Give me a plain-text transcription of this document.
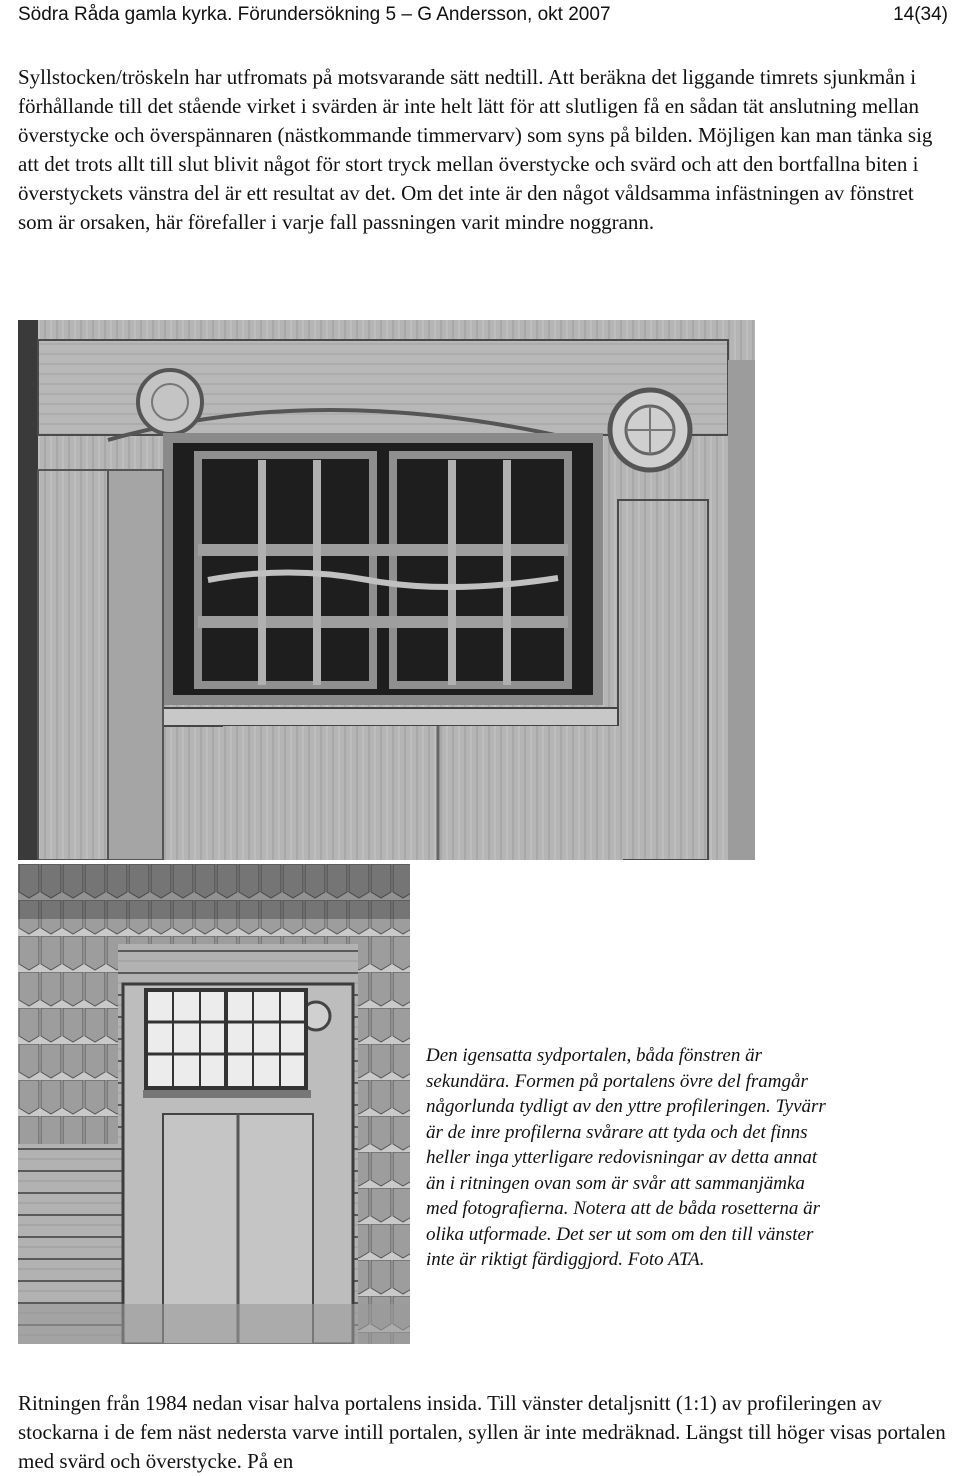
Södra Råda gamla kyrka. Förundersökning 5 – G Andersson, okt 2007	14(34)

Syllstocken/tröskeln har utfromats på motsvarande sätt nedtill. Att beräkna det liggande timrets sjunkmån i förhållande till det stående virket i svärden är inte helt lätt för att slutligen få en sådan tät anslutning mellan överstycke och överspännaren (nästkommande timmervarv) som syns på bilden. Möjligen kan man tänka sig att det trots allt till slut blivit något för stort tryck mellan överstycke och svärd och att den bortfallna biten i överstyckets vänstra del är ett resultat av det. Om det inte är den något våldsamma infästningen av fönstret som är orsaken, här förefaller i varje fall passningen varit mindre noggrann.

Den igensatta sydportalen, båda fönstren är sekundära. Formen på portalens övre del framgår någorlunda tydligt av den yttre profileringen. Tyvärr är de inre profilerna svårare att tyda och det finns heller inga ytterligare redovisningar av detta annat än i ritningen ovan som är svår att sammanjämka med fotografierna. Notera att de båda rosetterna är olika utformade. Det ser ut som om den till vänster inte är riktigt färdiggjord. Foto ATA.

Ritningen från 1984 nedan visar halva portalens insida. Till vänster detaljsnitt (1:1) av profileringen av stockarna i de fem näst nedersta varve intill portalen, syllen är inte medräknad. Längst till höger visas portalen med svärd och överstycke. På en
